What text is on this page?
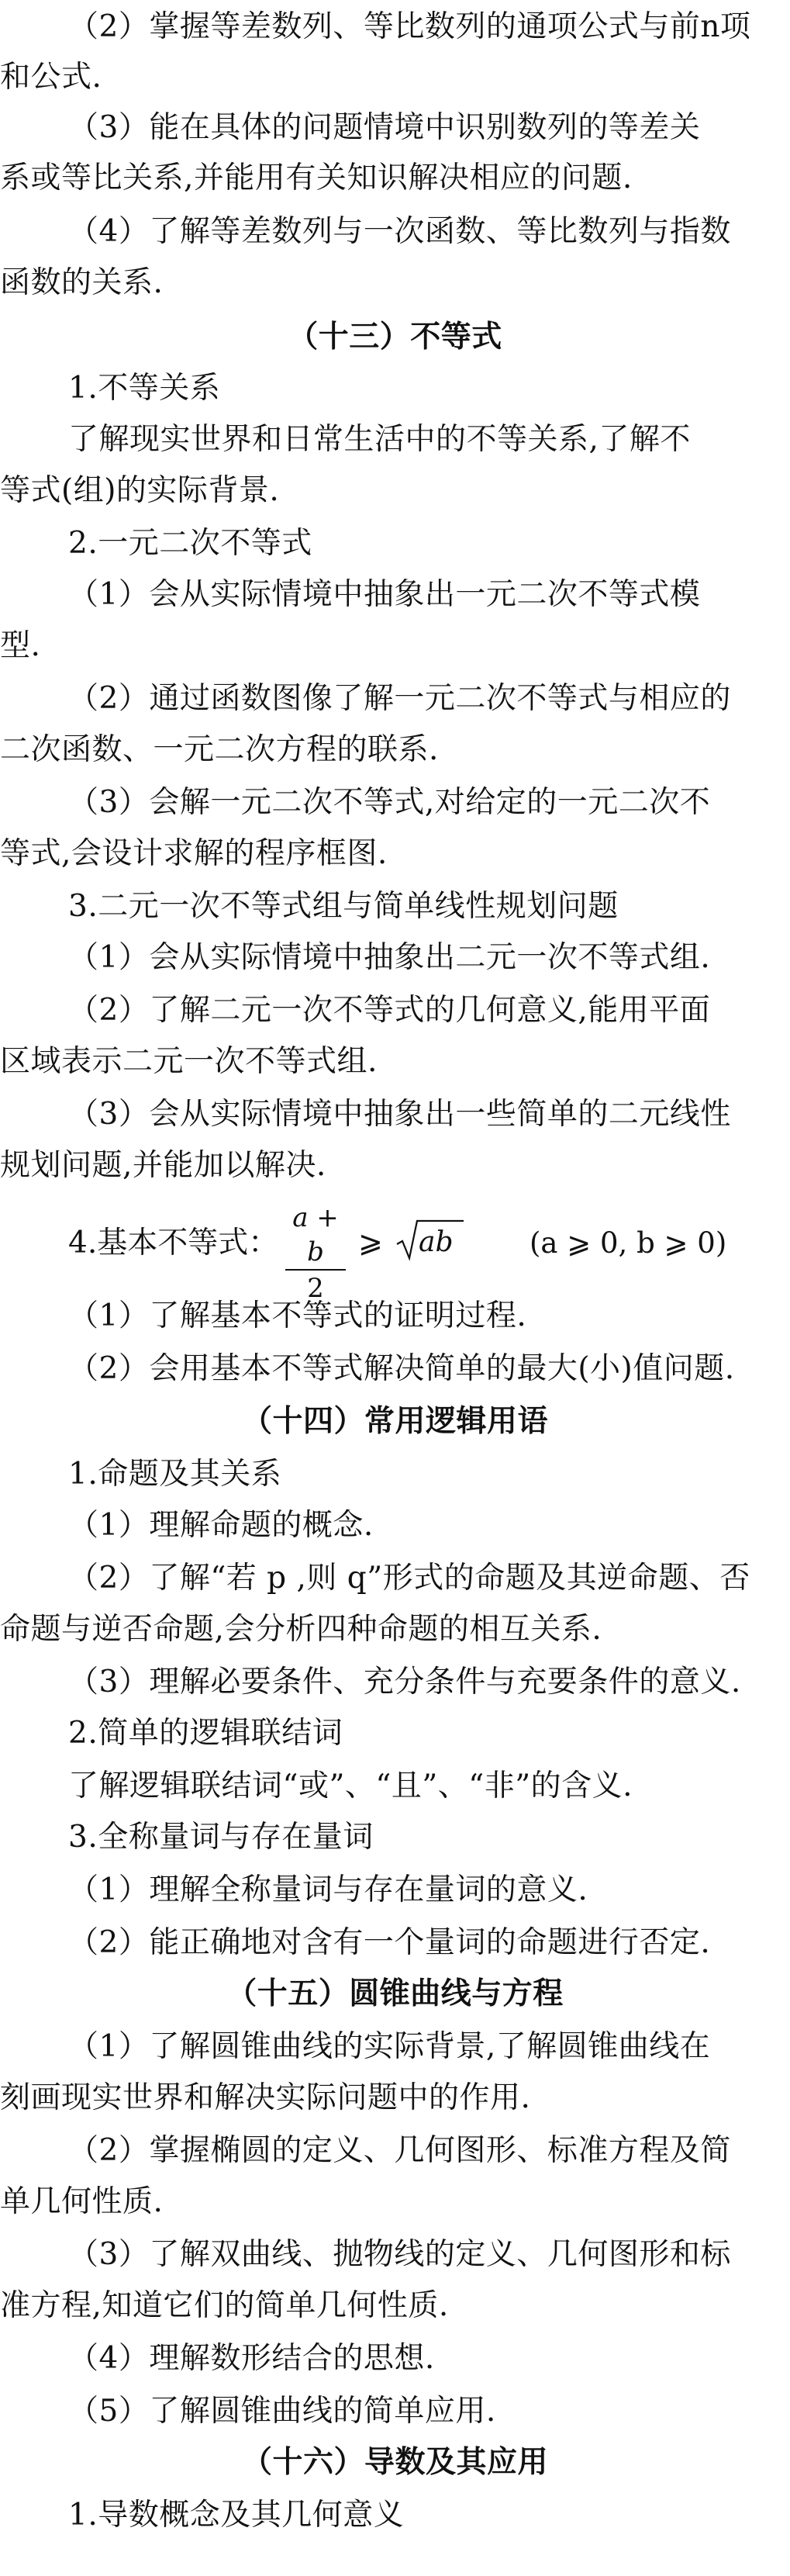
（2）掌握等差数列、等比数列的通项公式与前n项
和公式.
（3）能在具体的问题情境中识别数列的等差关
系或等比关系,并能用有关知识解决相应的问题.
（4）了解等差数列与一次函数、等比数列与指数
函数的关系.
（十三）不等式
1.不等关系
了解现实世界和日常生活中的不等关系,了解不
等式(组)的实际背景.
2.一元二次不等式
（1）会从实际情境中抽象出一元二次不等式模
型.
（2）通过函数图像了解一元二次不等式与相应的
二次函数、一元二次方程的联系.
（3）会解一元二次不等式,对给定的一元二次不
等式,会设计求解的程序框图.
3.二元一次不等式组与简单线性规划问题
（1）会从实际情境中抽象出二元一次不等式组.
（2）了解二元一次不等式的几何意义,能用平面
区域表示二元一次不等式组.
（3）会从实际情境中抽象出一些简单的二元线性
规划问题,并能加以解决.
4.基本不等式：
a + b
2
⩾ ab	(a ⩾ 0, b ⩾ 0)
（1）了解基本不等式的证明过程.
（2）会用基本不等式解决简单的最大(小)值问题.
（十四）常用逻辑用语
1.命题及其关系
（1）理解命题的概念.
（2）了解“若 p ,则 q”形式的命题及其逆命题、否
命题与逆否命题,会分析四种命题的相互关系.
（3）理解必要条件、充分条件与充要条件的意义.
2.简单的逻辑联结词
了解逻辑联结词“或”、“且”、“非”的含义.
3.全称量词与存在量词
（1）理解全称量词与存在量词的意义.
（2）能正确地对含有一个量词的命题进行否定.
（十五）圆锥曲线与方程
（1）了解圆锥曲线的实际背景,了解圆锥曲线在
刻画现实世界和解决实际问题中的作用.
（2）掌握椭圆的定义、几何图形、标准方程及简
单几何性质.
（3）了解双曲线、抛物线的定义、几何图形和标
准方程,知道它们的简单几何性质.
（4）理解数形结合的思想.
（5）了解圆锥曲线的简单应用.
（十六）导数及其应用
1.导数概念及其几何意义
